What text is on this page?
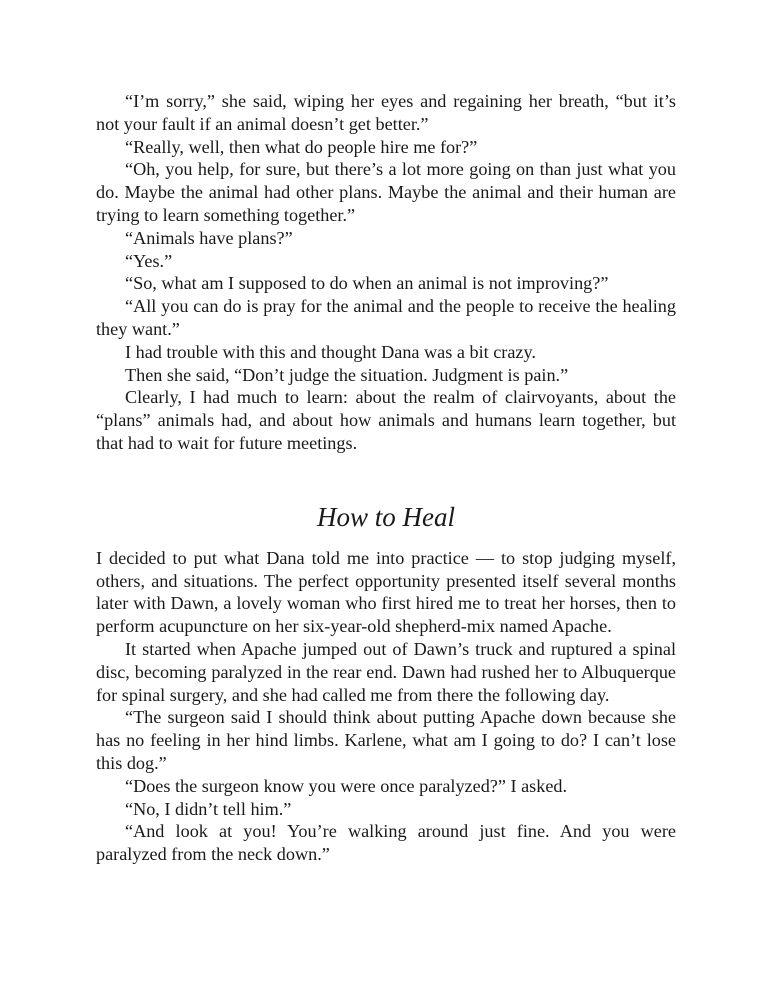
“I’m sorry,” she said, wiping her eyes and regaining her breath, “but it’s not your fault if an animal doesn’t get better.”

“Really, well, then what do people hire me for?”

“Oh, you help, for sure, but there’s a lot more going on than just what you do. Maybe the animal had other plans. Maybe the animal and their human are trying to learn something together.”

“Animals have plans?”

“Yes.”

“So, what am I supposed to do when an animal is not improving?”

“All you can do is pray for the animal and the people to receive the healing they want.”

I had trouble with this and thought Dana was a bit crazy.

Then she said, “Don’t judge the situation. Judgment is pain.”

Clearly, I had much to learn: about the realm of clairvoyants, about the “plans” animals had, and about how animals and humans learn together, but that had to wait for future meetings.

How to Heal

I decided to put what Dana told me into practice — to stop judging myself, others, and situations. The perfect opportunity presented itself several months later with Dawn, a lovely woman who first hired me to treat her horses, then to perform acupuncture on her six-year-old shepherd-mix named Apache.

It started when Apache jumped out of Dawn’s truck and ruptured a spinal disc, becoming paralyzed in the rear end. Dawn had rushed her to Albuquerque for spinal surgery, and she had called me from there the following day.

“The surgeon said I should think about putting Apache down because she has no feeling in her hind limbs. Karlene, what am I going to do? I can’t lose this dog.”

“Does the surgeon know you were once paralyzed?” I asked.

“No, I didn’t tell him.”

“And look at you! You’re walking around just fine. And you were paralyzed from the neck down.”
